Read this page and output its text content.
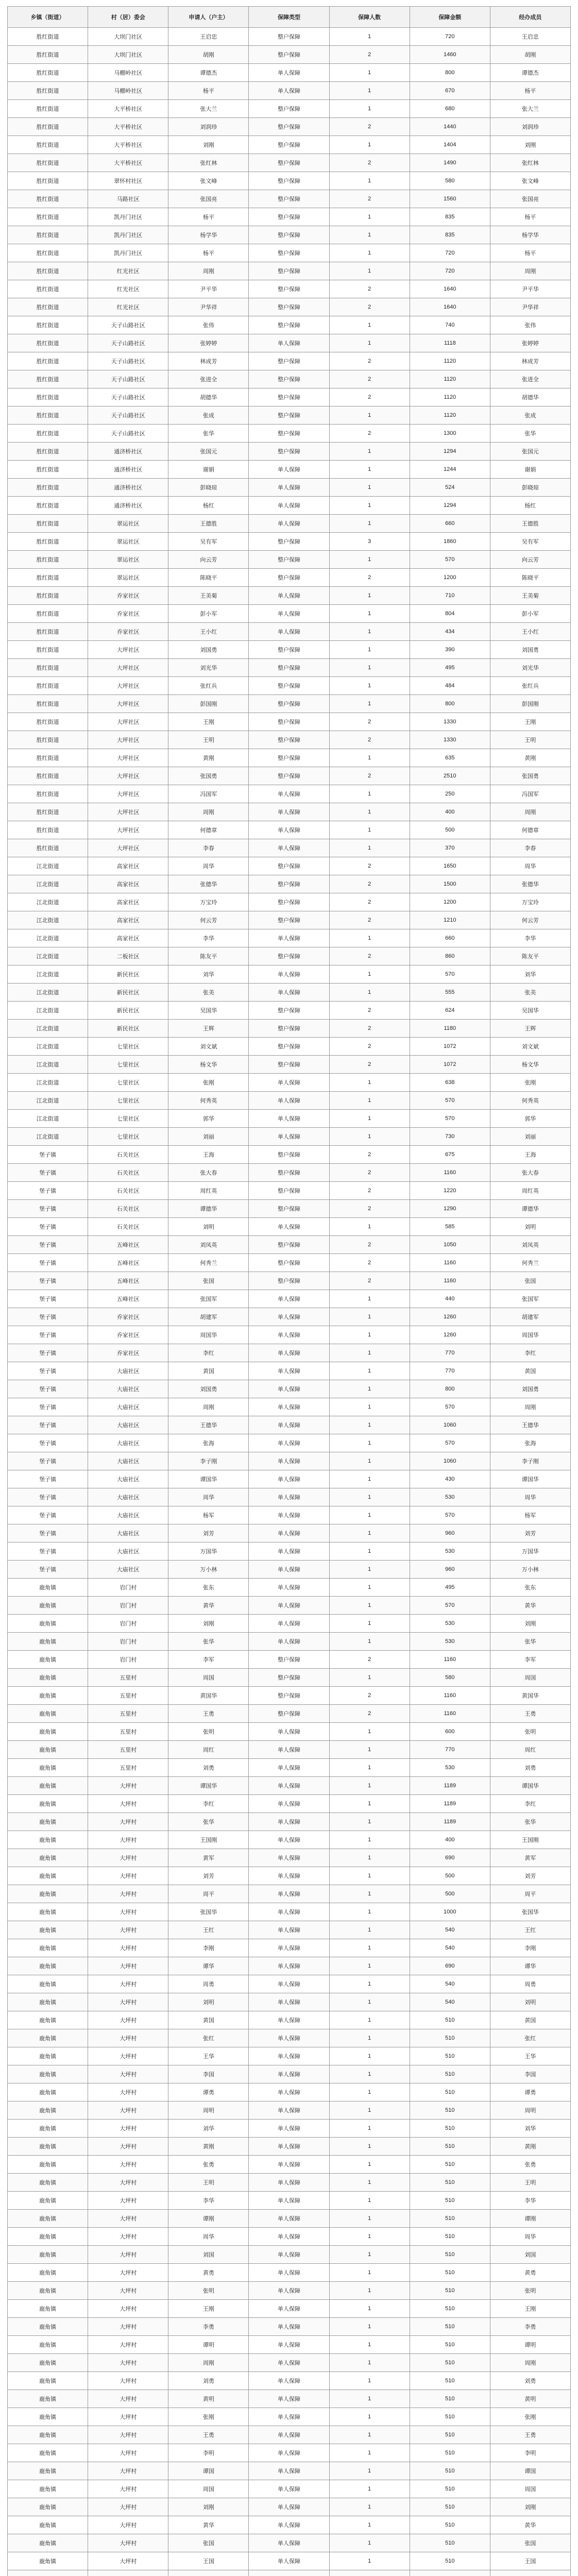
乡镇（街道）	村（居）委会	申请人（户主）	保障类型	保障人数	保障金额	经办成员
胜红街道	大坝门社区	王启忠	整户保障	1	720	王启忠
胜红街道	大坝门社区	胡刚	整户保障	2	1460	胡刚
胜红街道	马棚岭社区	谭德杰	单人保障	1	800	谭德杰
胜红街道	马棚岭社区	杨平	单人保障	1	670	杨平
胜红街道	大平桥社区	张大兰	整户保障	1	680	张大兰
胜红街道	大平桥社区	刘润珍	整户保障	2	1440	刘润珍
胜红街道	大平桥社区	刘刚	整户保障	1	1404	刘刚
胜红街道	大平桥社区	张红林	整户保障	2	1490	张红林
胜红街道	翠怀村社区	张文峰	整户保障	1	580	张文峰
胜红街道	马路社区	张国亮	整户保障	2	1560	张国亮
胜红街道	凯丹门社区	杨平	整户保障	1	835	杨平
胜红街道	凯丹门社区	杨学华	整户保障	1	835	杨学华
胜红街道	凯丹门社区	杨平	整户保障	1	720	杨平
胜红街道	红光社区	周刚	整户保障	1	720	周刚
胜红街道	红光社区	尹平华	整户保障	2	1640	尹平华
胜红街道	红光社区	尹华祥	整户保障	2	1640	尹华祥
胜红街道	天子山路社区	张伟	整户保障	1	740	张伟
胜红街道	天子山路社区	张婷婷	单人保障	1	1118	张婷婷
胜红街道	天子山路社区	林成芳	整户保障	2	1120	林成芳
胜红街道	天子山路社区	张进全	整户保障	2	1120	张进全
胜红街道	天子山路社区	胡德华	整户保障	2	1120	胡德华
胜红街道	天子山路社区	张成	整户保障	1	1120	张成
胜红街道	天子山路社区	张华	整户保障	2	1300	张华
胜红街道	通济桥社区	张国元	整户保障	1	1294	张国元
胜红街道	通济桥社区	谢娟	单人保障	1	1244	谢娟
胜红街道	通济桥社区	彭晓琼	单人保障	1	524	彭晓琼
胜红街道	通济桥社区	杨红	单人保障	1	1294	杨红
胜红街道	翠运社区	王德胜	单人保障	1	660	王德胜
胜红街道	翠运社区	吴有军	整户保障	3	1860	吴有军
胜红街道	翠运社区	向云芳	整户保障	1	570	向云芳
胜红街道	翠运社区	陈晓平	整户保障	2	1200	陈晓平
胜红街道	乔家社区	王美菊	单人保障	1	710	王美菊
胜红街道	乔家社区	彭小军	单人保障	1	804	彭小军
胜红街道	乔家社区	王小红	单人保障	1	434	王小红
胜红街道	大坪社区	刘国勇	整户保障	1	390	刘国勇
胜红街道	大坪社区	刘光华	整户保障	1	495	刘光华
胜红街道	大坪社区	张红兵	整户保障	1	484	张红兵
胜红街道	大坪社区	彭国刚	整户保障	1	800	彭国刚
胜红街道	大坪社区	王刚	整户保障	2	1330	王刚
胜红街道	大坪社区	王明	整户保障	2	1330	王明
胜红街道	大坪社区	黄刚	整户保障	1	635	黄刚
胜红街道	大坪社区	张国勇	整户保障	2	2510	张国勇
胜红街道	大坪社区	冯国军	单人保障	1	250	冯国军
胜红街道	大坪社区	周刚	单人保障	1	400	周刚
胜红街道	大坪社区	何德章	单人保障	1	500	何德章
胜红街道	大坪社区	李春	单人保障	1	370	李春
江北街道	高家社区	周华	整户保障	2	1650	周华
江北街道	高家社区	张德华	整户保障	2	1500	张德华
江北街道	高家社区	万宝玲	整户保障	2	1200	万宝玲
江北街道	高家社区	何云芳	整户保障	2	1210	何云芳
江北街道	高家社区	李华	单人保障	1	660	李华
江北街道	二板社区	陈友平	整户保障	2	860	陈友平
江北街道	新民社区	刘华	单人保障	1	570	刘华
江北街道	新民社区	张美	单人保障	1	555	张美
江北街道	新民社区	吴国华	整户保障	2	624	吴国华
江北街道	新民社区	王辉	整户保障	2	1180	王辉
江北街道	七里社区	刘文斌	整户保障	2	1072	刘文斌
江北街道	七里社区	杨文华	整户保障	2	1072	杨文华
江北街道	七里社区	张刚	单人保障	1	638	张刚
江北街道	七里社区	何秀英	单人保障	1	570	何秀英
江北街道	七里社区	郭华	单人保障	1	570	郭华
江北街道	七里社区	刘丽	单人保障	1	730	刘丽
堡子镇	石关社区	王海	整户保障	2	675	王海
堡子镇	石关社区	张大春	整户保障	2	1160	张大春
堡子镇	石关社区	周红英	整户保障	2	1220	周红英
堡子镇	石关社区	谭德华	整户保障	2	1290	谭德华
堡子镇	石关社区	刘明	单人保障	1	585	刘明
堡子镇	五峰社区	刘凤英	整户保障	2	1050	刘凤英
堡子镇	五峰社区	何秀兰	整户保障	2	1160	何秀兰
堡子镇	五峰社区	张国	整户保障	2	1160	张国
堡子镇	五峰社区	张国军	单人保障	1	440	张国军
堡子镇	乔家社区	胡建军	单人保障	1	1260	胡建军
堡子镇	乔家社区	周国华	单人保障	1	1260	周国华
堡子镇	乔家社区	李红	单人保障	1	770	李红
堡子镇	大庙社区	黄国	单人保障	1	770	黄国
堡子镇	大庙社区	刘国勇	单人保障	1	800	刘国勇
堡子镇	大庙社区	周刚	单人保障	1	570	周刚
堡子镇	大庙社区	王德华	单人保障	1	1060	王德华
堡子镇	大庙社区	张海	单人保障	1	570	张海
堡子镇	大庙社区	李子刚	单人保障	1	1060	李子刚
堡子镇	大庙社区	谭国华	单人保障	1	430	谭国华
堡子镇	大庙社区	周华	单人保障	1	530	周华
堡子镇	大庙社区	杨军	单人保障	1	570	杨军
堡子镇	大庙社区	刘芳	单人保障	1	960	刘芳
堡子镇	大庙社区	万国华	单人保障	1	530	万国华
堡子镇	大庙社区	万小林	单人保障	1	960	万小林
鹿角镇	岩门村	张东	单人保障	1	495	张东
鹿角镇	岩门村	黄华	单人保障	1	570	黄华
鹿角镇	岩门村	刘刚	单人保障	1	530	刘刚
鹿角镇	岩门村	张华	单人保障	1	530	张华
鹿角镇	岩门村	李军	整户保障	2	1160	李军
鹿角镇	五里村	周国	整户保障	1	580	周国
鹿角镇	五里村	黄国华	整户保障	2	1160	黄国华
鹿角镇	五里村	王勇	整户保障	2	1160	王勇
鹿角镇	五里村	张明	单人保障	1	600	张明
鹿角镇	五里村	周红	单人保障	1	770	周红
鹿角镇	五里村	刘勇	单人保障	1	530	刘勇
鹿角镇	大坪村	谭国华	单人保障	1	1189	谭国华
鹿角镇	大坪村	李红	单人保障	1	1189	李红
鹿角镇	大坪村	张华	单人保障	1	1189	张华
鹿角镇	大坪村	王国刚	单人保障	1	400	王国刚
鹿角镇	大坪村	黄军	单人保障	1	690	黄军
鹿角镇	大坪村	刘芳	单人保障	1	500	刘芳
鹿角镇	大坪村	周平	单人保障	1	500	周平
鹿角镇	大坪村	张国华	单人保障	1	1000	张国华
鹿角镇	大坪村	王红	单人保障	1	540	王红
鹿角镇	大坪村	李刚	单人保障	1	540	李刚
鹿角镇	大坪村	谭华	单人保障	1	690	谭华
鹿角镇	大坪村	周勇	单人保障	1	540	周勇
鹿角镇	大坪村	刘明	单人保障	1	540	刘明
鹿角镇	大坪村	黄国	单人保障	1	510	黄国
鹿角镇	大坪村	张红	单人保障	1	510	张红
鹿角镇	大坪村	王华	单人保障	1	510	王华
鹿角镇	大坪村	李国	单人保障	1	510	李国
鹿角镇	大坪村	谭勇	单人保障	1	510	谭勇
鹿角镇	大坪村	周明	单人保障	1	510	周明
鹿角镇	大坪村	刘华	单人保障	1	510	刘华
鹿角镇	大坪村	黄刚	单人保障	1	510	黄刚
鹿角镇	大坪村	张勇	单人保障	1	510	张勇
鹿角镇	大坪村	王明	单人保障	1	510	王明
鹿角镇	大坪村	李华	单人保障	1	510	李华
鹿角镇	大坪村	谭刚	单人保障	1	510	谭刚
鹿角镇	大坪村	周华	单人保障	1	510	周华
鹿角镇	大坪村	刘国	单人保障	1	510	刘国
鹿角镇	大坪村	黄勇	单人保障	1	510	黄勇
鹿角镇	大坪村	张明	单人保障	1	510	张明
鹿角镇	大坪村	王刚	单人保障	1	510	王刚
鹿角镇	大坪村	李勇	单人保障	1	510	李勇
鹿角镇	大坪村	谭明	单人保障	1	510	谭明
鹿角镇	大坪村	周刚	单人保障	1	510	周刚
鹿角镇	大坪村	刘勇	单人保障	1	510	刘勇
鹿角镇	大坪村	黄明	单人保障	1	510	黄明
鹿角镇	大坪村	张刚	单人保障	1	510	张刚
鹿角镇	大坪村	王勇	单人保障	1	510	王勇
鹿角镇	大坪村	李明	单人保障	1	510	李明
鹿角镇	大坪村	谭国	单人保障	1	510	谭国
鹿角镇	大坪村	周国	单人保障	1	510	周国
鹿角镇	大坪村	刘刚	单人保障	1	510	刘刚
鹿角镇	大坪村	黄华	单人保障	1	510	黄华
鹿角镇	大坪村	张国	单人保障	1	510	张国
鹿角镇	大坪村	王国	单人保障	1	510	王国
